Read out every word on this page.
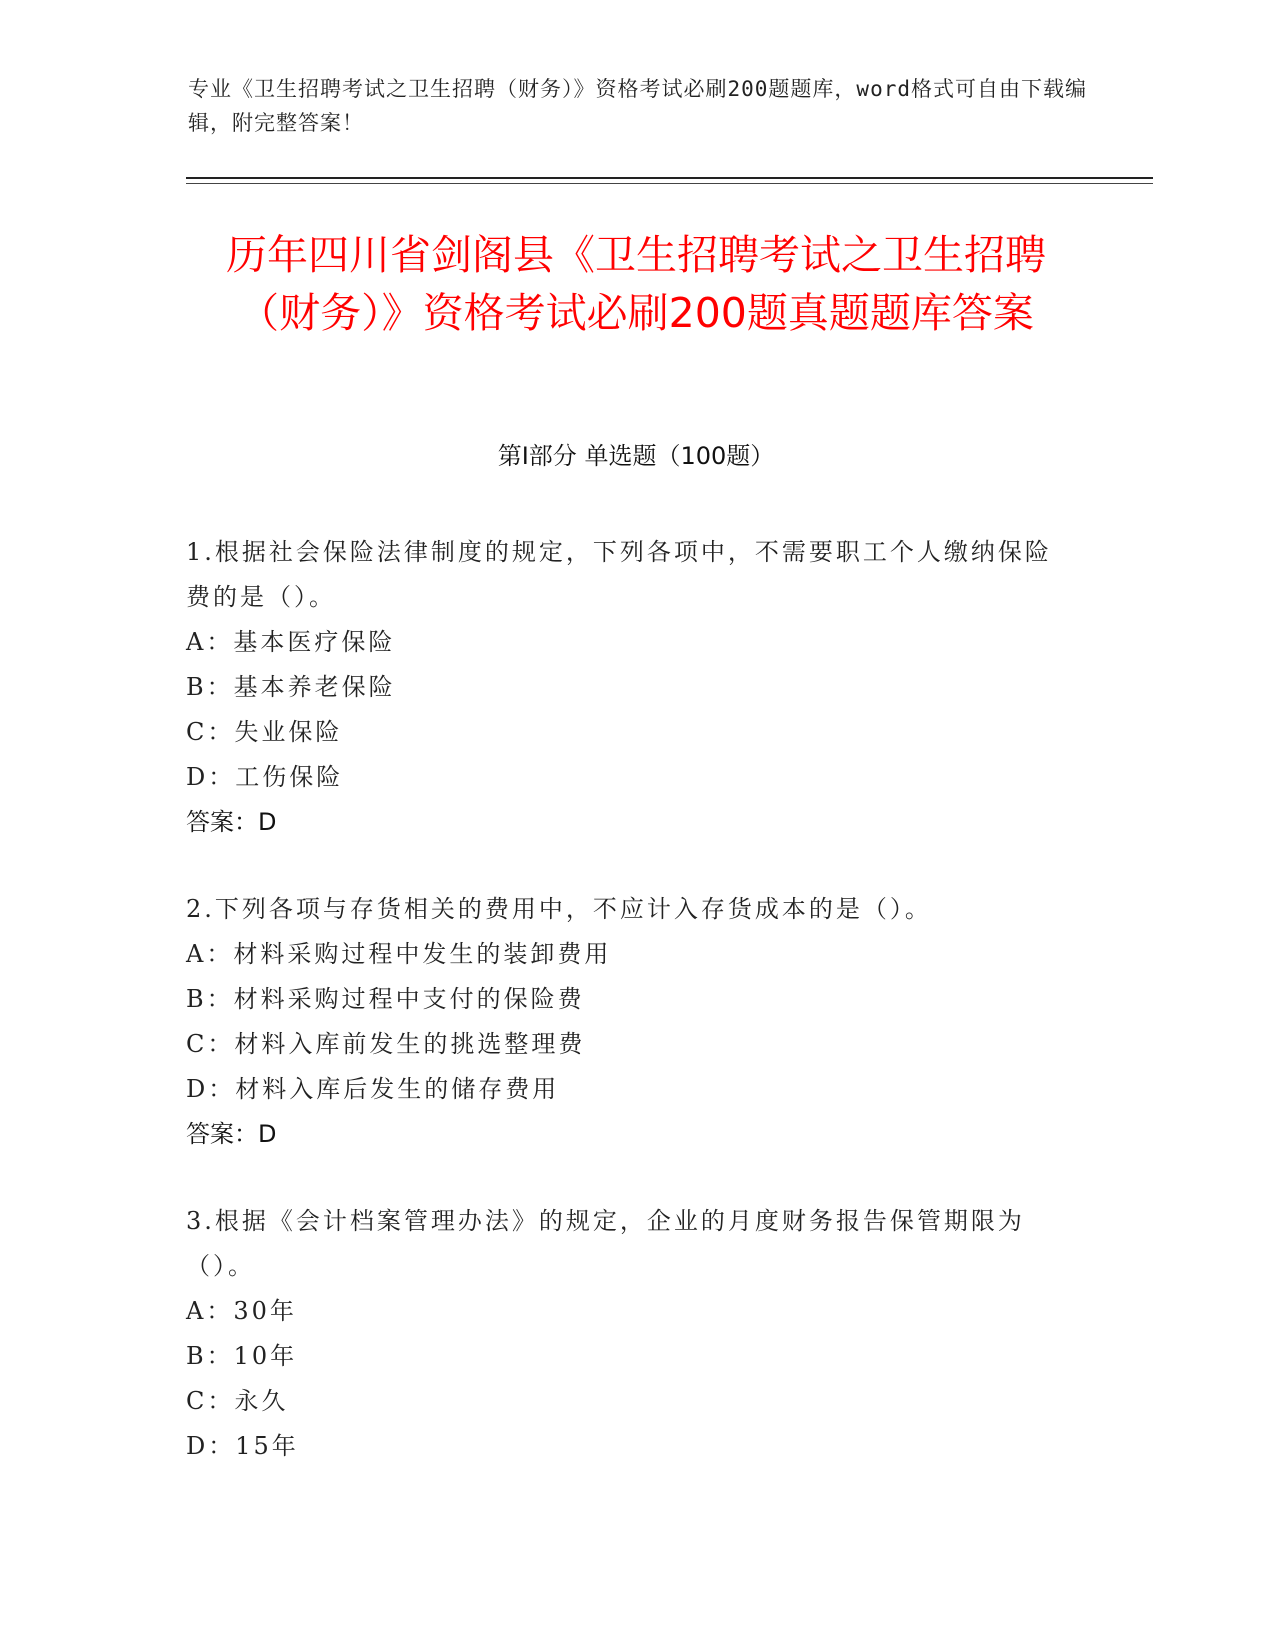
专业《卫生招聘考试之卫生招聘（财务）》资格考试必刷200题题库，word格式可自由下载编辑，附完整答案！
历年四川省剑阁县《卫生招聘考试之卫生招聘（财务）》资格考试必刷200题真题题库答案
第I部分 单选题（100题）

1.根据社会保险法律制度的规定，下列各项中，不需要职工个人缴纳保险费的是（）。

A：基本医疗保险

B：基本养老保险

C：失业保险

D：工伤保险

答案：D

2.下列各项与存货相关的费用中，不应计入存货成本的是（）。

A：材料采购过程中发生的装卸费用

B：材料采购过程中支付的保险费

C：材料入库前发生的挑选整理费

D：材料入库后发生的储存费用

答案：D

3.根据《会计档案管理办法》的规定，企业的月度财务报告保管期限为（）。

A：30年

B：10年

C：永久

D：15年
